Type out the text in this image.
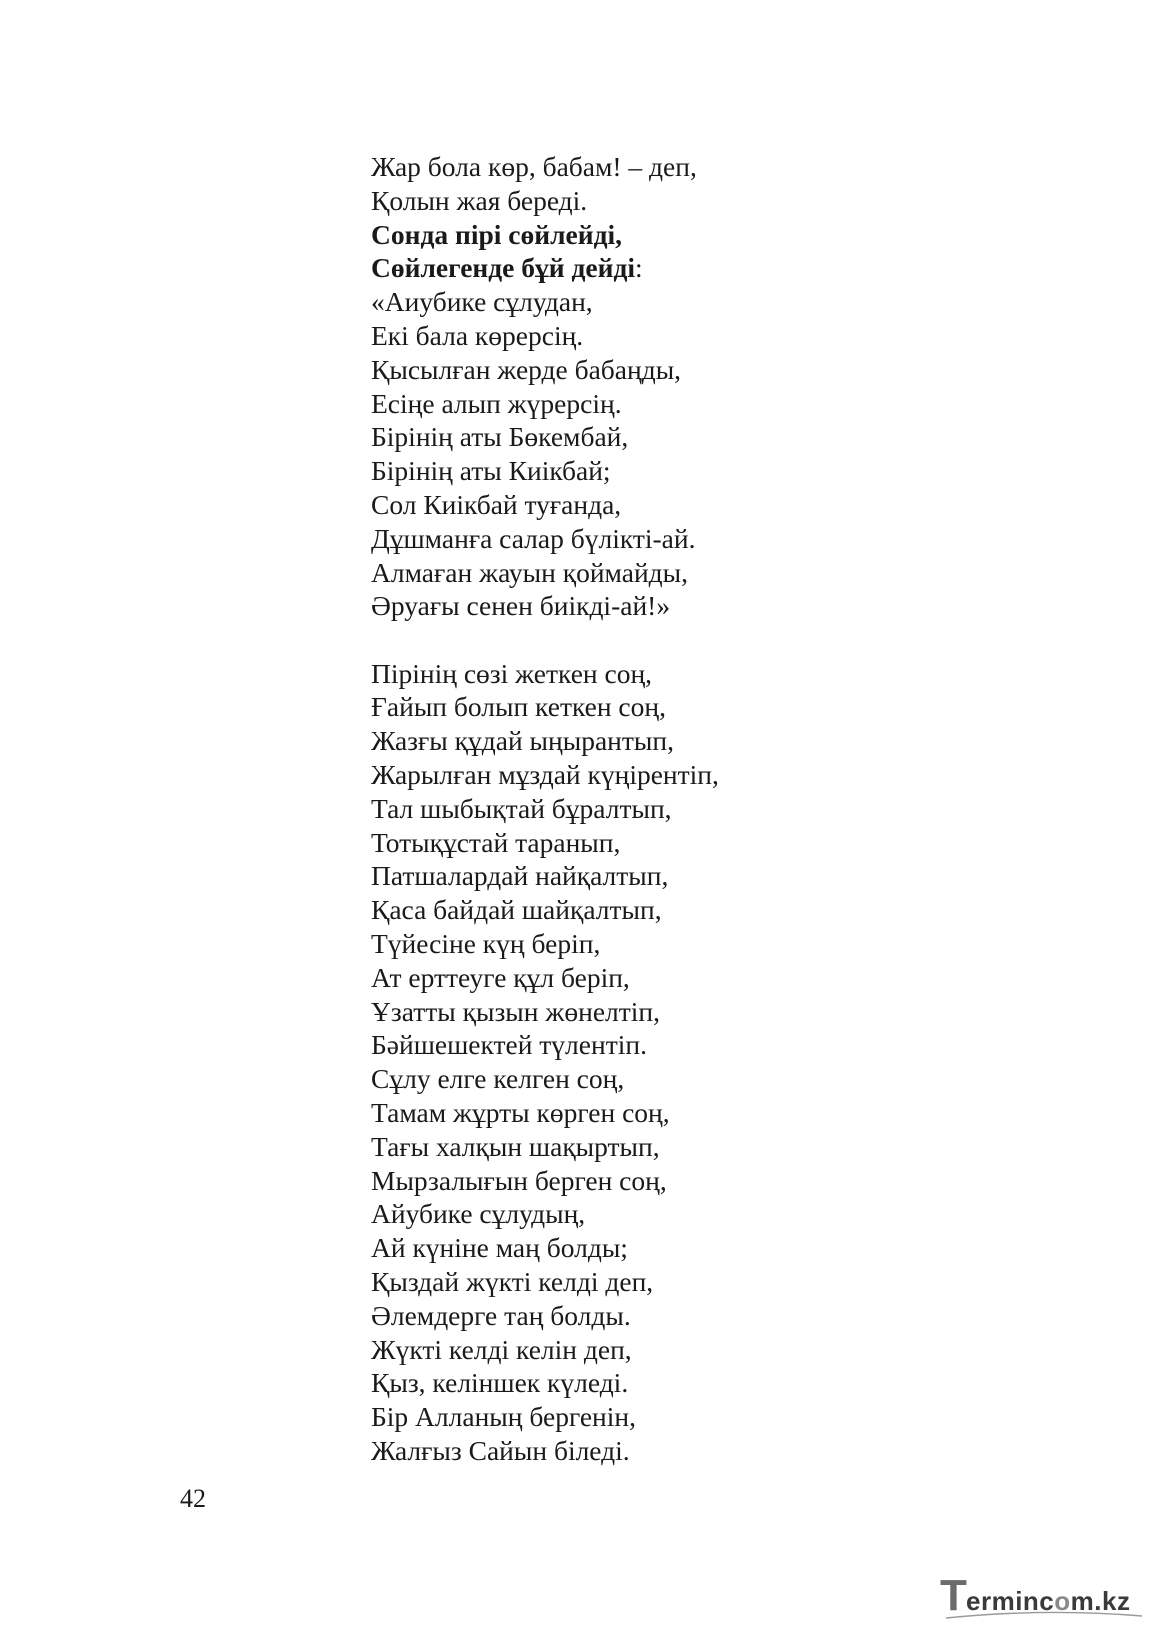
Жар бола көр, бабам! – деп,
Қолын жая береді.
Сонда пірі сөйлейді,
Сөйлегенде бұй дейді:
«Аиубике сұлудан,
Екі бала көрерсің.
Қысылған жерде бабаңды,
Есіңе алып жүрерсің.
Бірінің аты Бөкембай,
Бірінің аты Киікбай;
Сол Киікбай туғанда,
Дұшманға салар бүлікті-ай.
Алмаған жауын қоймайды,
Әруағы сенен биікді-ай!»
Пірінің сөзі жеткен соң,
Ғайып болып кеткен соң,
Жазғы құдай ыңырантып,
Жарылған мұздай күңірентіп,
Тал шыбықтай бұралтып,
Тотықұстай таранып,
Патшалардай найқалтып,
Қаса байдай шайқалтып,
Түйесіне күң беріп,
Ат ерттеуге құл беріп,
Ұзатты қызын жөнелтіп,
Бәйшешектей түлентіп.
Сұлу елге келген соң,
Тамам жұрты көрген соң,
Тағы халқын шақыртып,
Мырзалығын берген соң,
Айубике сұлудың,
Ай күніне маң болды;
Қыздай жүкті келді деп,
Әлемдерге таң болды.
Жүкті келді келін деп,
Қыз, келіншек күледі.
Бір Алланың бергенін,
Жалғыз Сайын біледі.
42
T ermincom.kz
